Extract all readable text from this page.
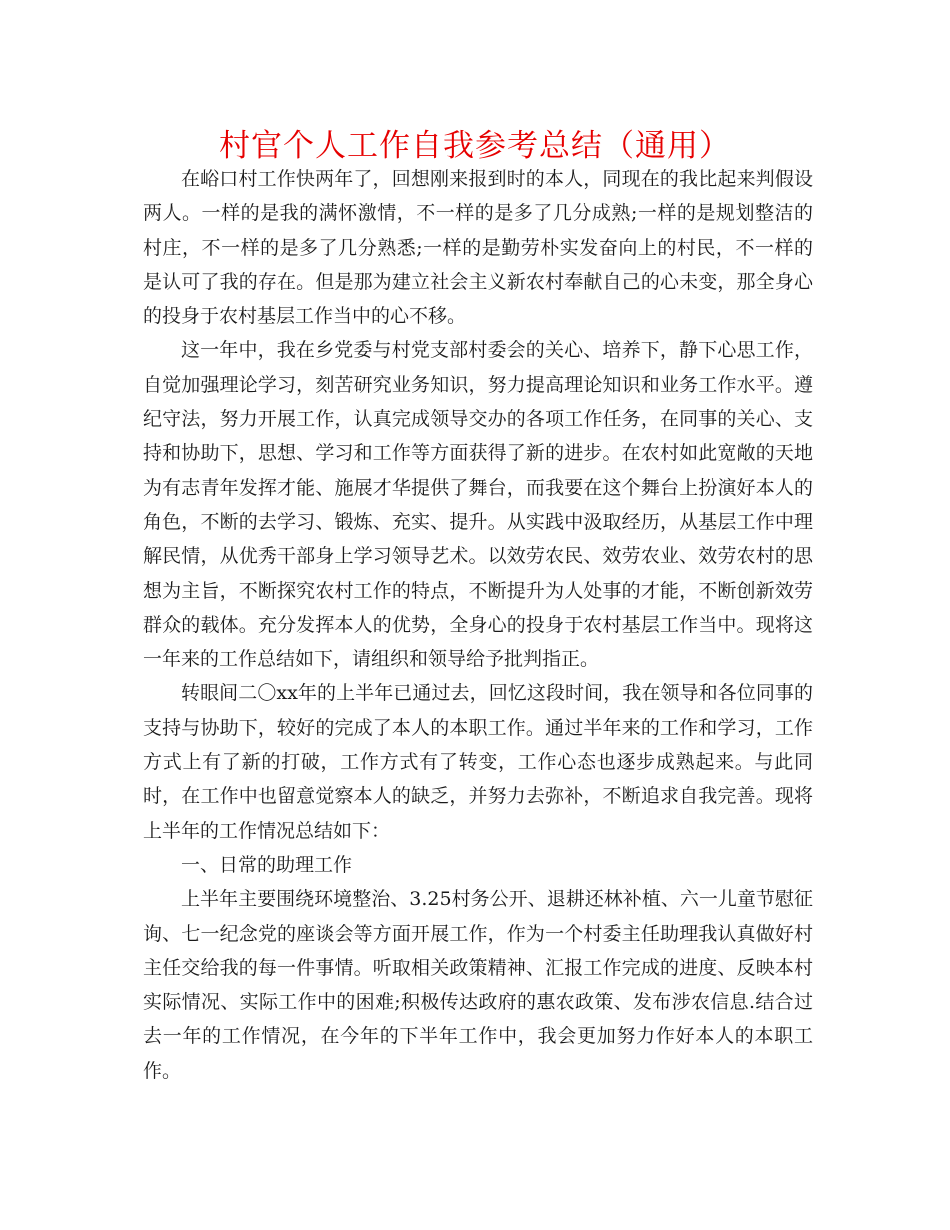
村官个人工作自我参考总结（通用）

在峪口村工作快两年了，回想刚来报到时的本人，同现在的我比起来判假设两人。一样的是我的满怀激情，不一样的是多了几分成熟;一样的是规划整洁的村庄，不一样的是多了几分熟悉;一样的是勤劳朴实发奋向上的村民，不一样的是认可了我的存在。但是那为建立社会主义新农村奉献自己的心未变，那全身心的投身于农村基层工作当中的心不移。

这一年中，我在乡党委与村党支部村委会的关心、培养下，静下心思工作，自觉加强理论学习，刻苦研究业务知识，努力提高理论知识和业务工作水平。遵纪守法，努力开展工作，认真完成领导交办的各项工作任务，在同事的关心、支持和协助下，思想、学习和工作等方面获得了新的进步。在农村如此宽敞的天地为有志青年发挥才能、施展才华提供了舞台，而我要在这个舞台上扮演好本人的角色，不断的去学习、锻炼、充实、提升。从实践中汲取经历，从基层工作中理解民情，从优秀干部身上学习领导艺术。以效劳农民、效劳农业、效劳农村的思想为主旨，不断探究农村工作的特点，不断提升为人处事的才能，不断创新效劳群众的载体。充分发挥本人的优势，全身心的投身于农村基层工作当中。现将这一年来的工作总结如下，请组织和领导给予批判指正。

转眼间二〇xx年的上半年已通过去，回忆这段时间，我在领导和各位同事的支持与协助下，较好的完成了本人的本职工作。通过半年来的工作和学习，工作方式上有了新的打破，工作方式有了转变，工作心态也逐步成熟起来。与此同时，在工作中也留意觉察本人的缺乏，并努力去弥补，不断追求自我完善。现将上半年的工作情况总结如下：

一、日常的助理工作

上半年主要围绕环境整治、3.25村务公开、退耕还林补植、六一儿童节慰征询、七一纪念党的座谈会等方面开展工作，作为一个村委主任助理我认真做好村主任交给我的每一件事情。听取相关政策精神、汇报工作完成的进度、反映本村实际情况、实际工作中的困难;积极传达政府的惠农政策、发布涉农信息.结合过去一年的工作情况，在今年的下半年工作中，我会更加努力作好本人的本职工作。
